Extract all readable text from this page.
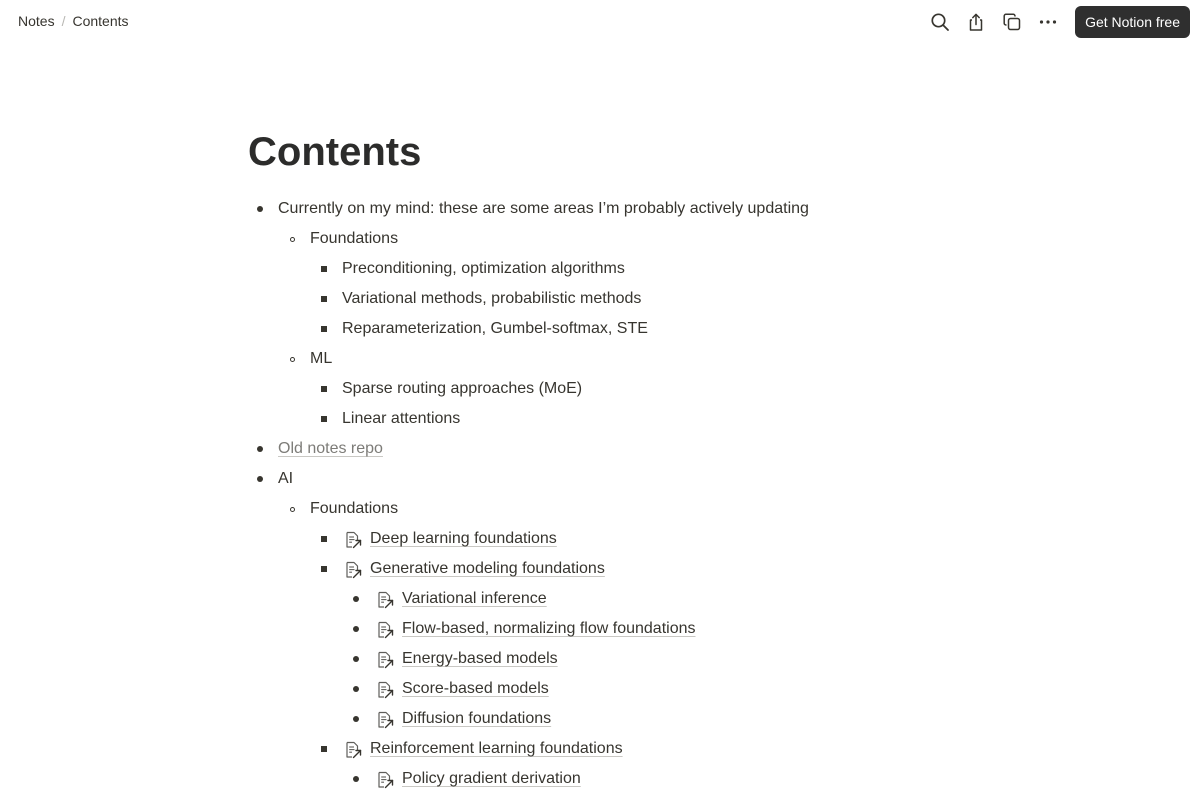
Notes / Contents	Get Notion free
Contents
Currently on my mind: these are some areas I’m probably actively updating
Foundations
Preconditioning, optimization algorithms
Variational methods, probabilistic methods
Reparameterization, Gumbel-softmax, STE
ML
Sparse routing approaches (MoE)
Linear attentions
Old notes repo
AI
Foundations
Deep learning foundations
Generative modeling foundations
Variational inference
Flow-based, normalizing flow foundations
Energy-based models
Score-based models
Diffusion foundations
Reinforcement learning foundations
Policy gradient derivation
